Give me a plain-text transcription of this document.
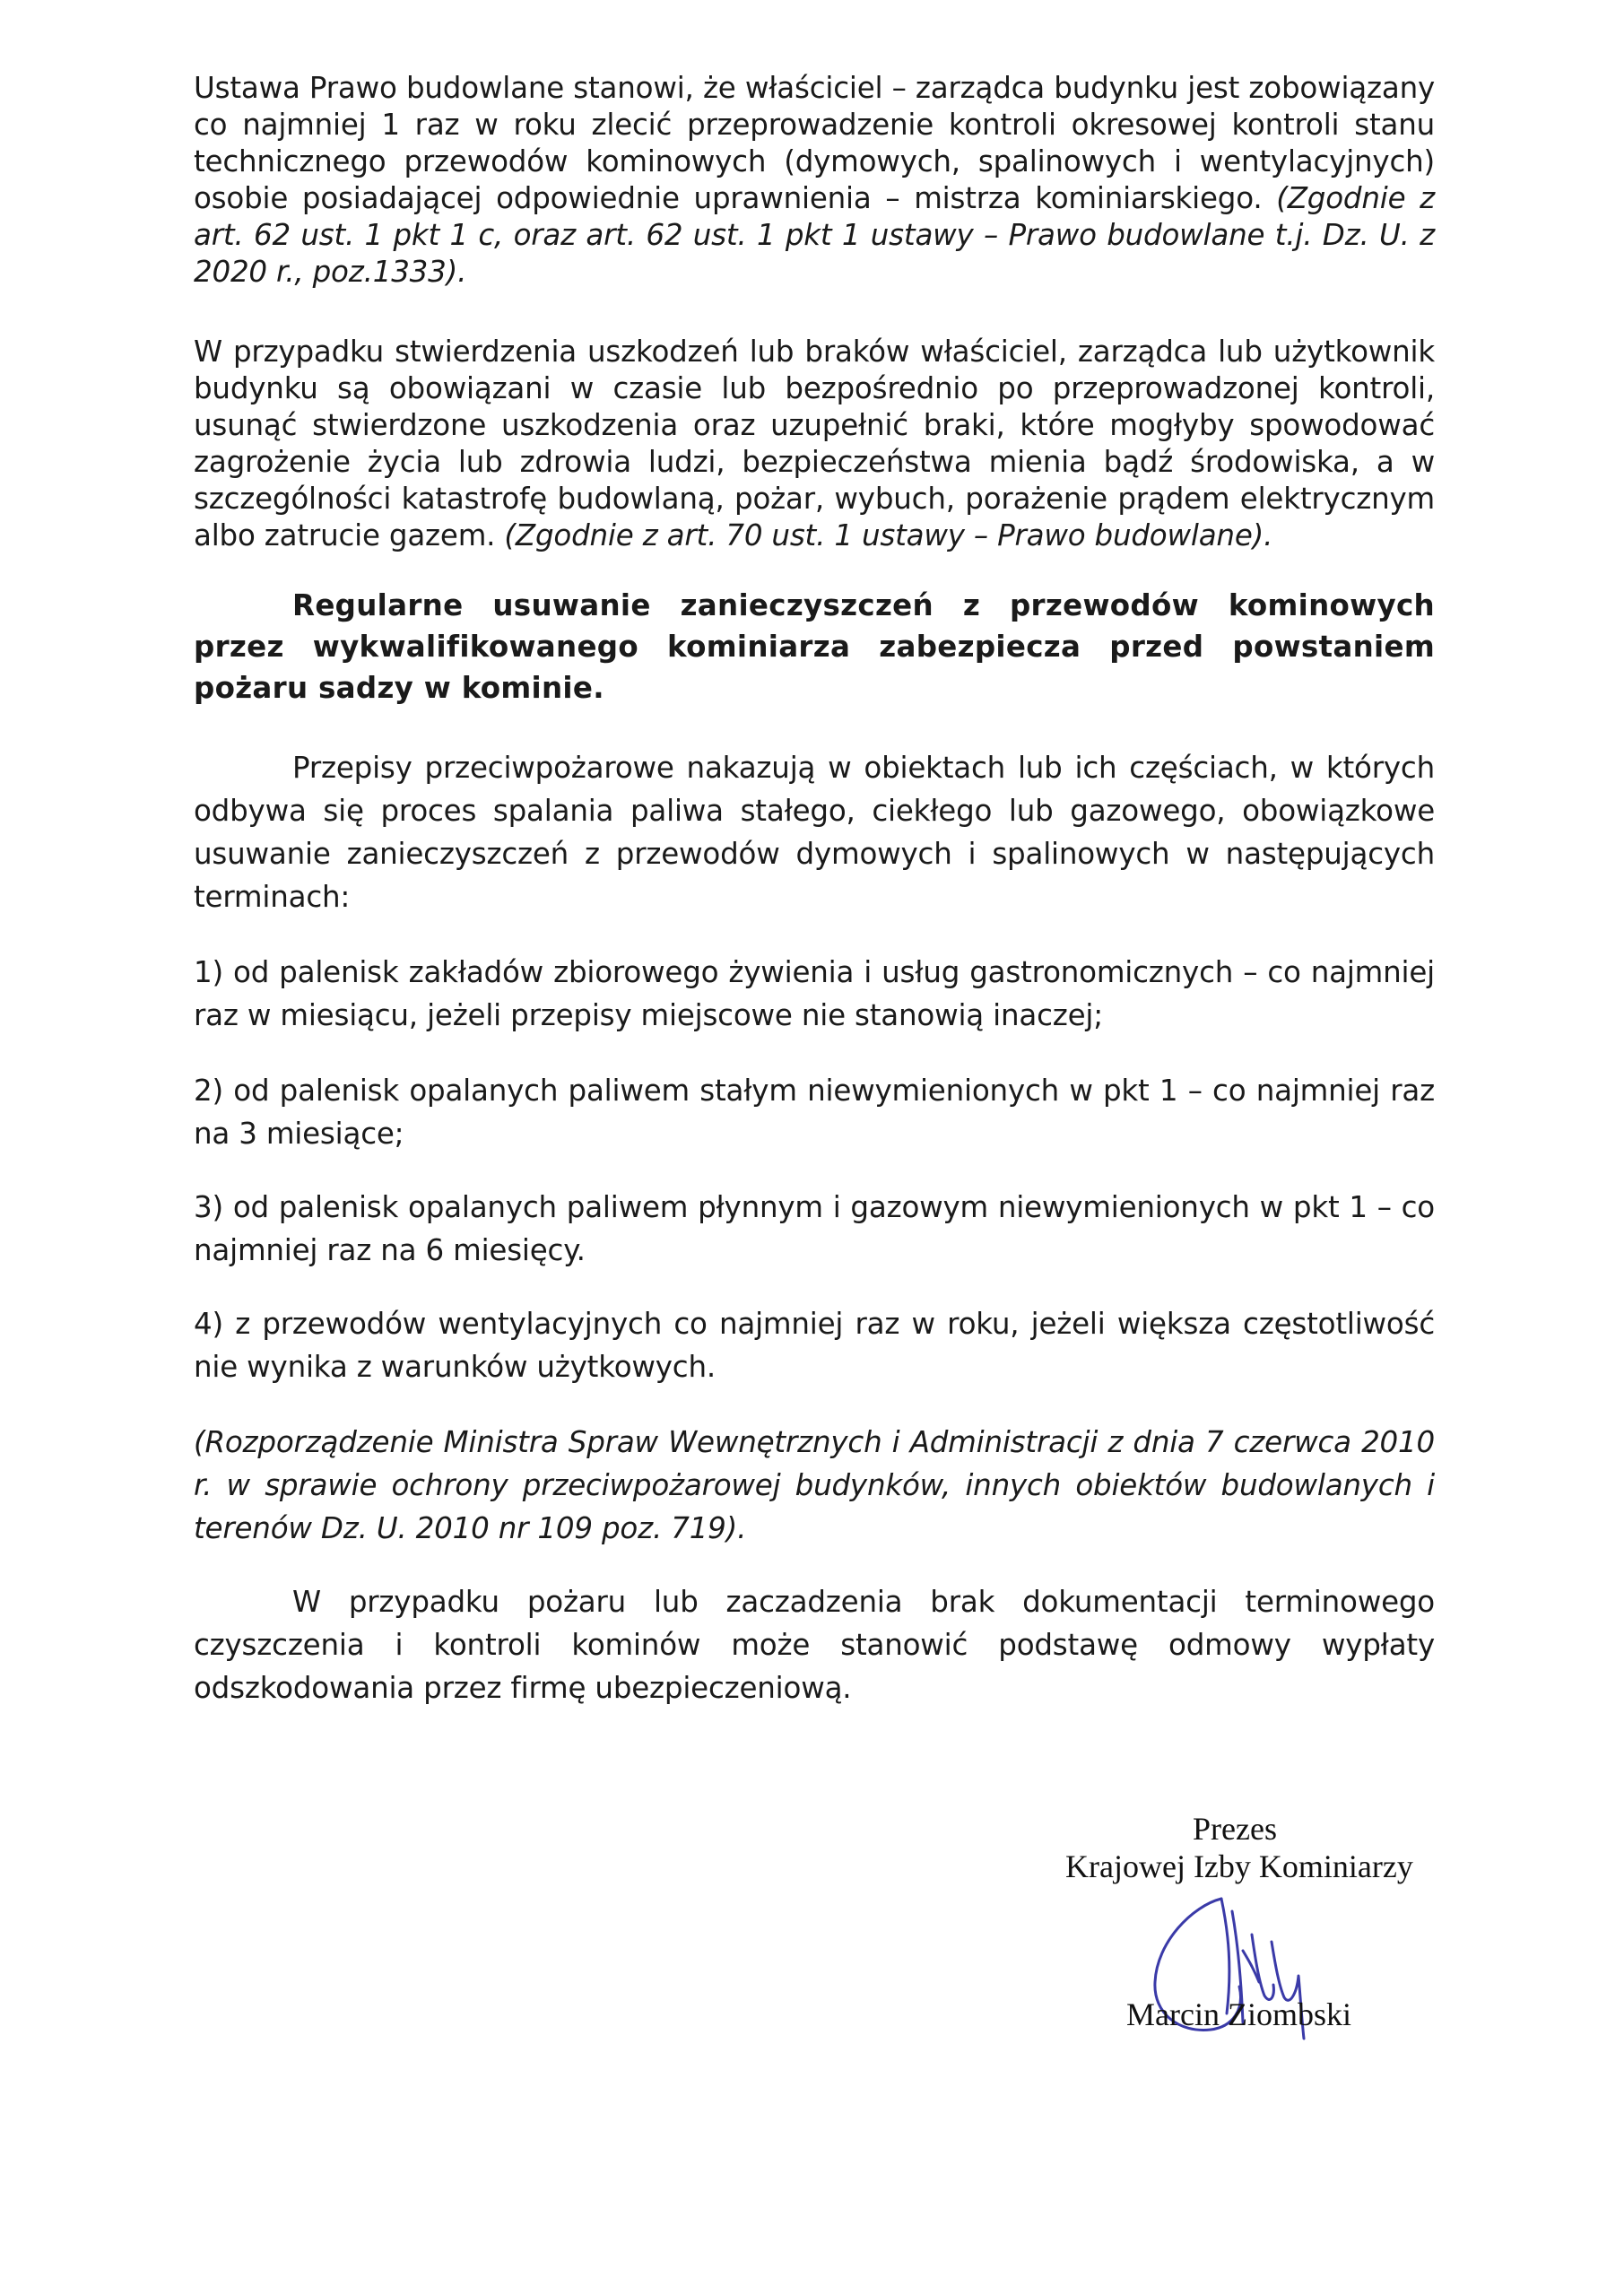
Ustawa Prawo budowlane stanowi, że właściciel – zarządca budynku jest zobowiązany co najmniej 1 raz w roku zlecić przeprowadzenie kontroli okresowej kontroli stanu technicznego przewodów kominowych (dymowych, spalinowych i wentylacyjnych) osobie posiadającej odpowiednie uprawnienia – mistrza kominiarskiego. (Zgodnie z art. 62 ust. 1 pkt 1 c, oraz art. 62 ust. 1 pkt 1 ustawy – Prawo budowlane t.j. Dz. U. z 2020 r., poz.1333).

W przypadku stwierdzenia uszkodzeń lub braków właściciel, zarządca lub użytkownik budynku są obowiązani w czasie lub bezpośrednio po przeprowadzonej kontroli, usunąć stwierdzone uszkodzenia oraz uzupełnić braki, które mogłyby spowodować zagrożenie życia lub zdrowia ludzi, bezpieczeństwa mienia bądź środowiska, a w szczególności katastrofę budowlaną, pożar, wybuch, porażenie prądem elektrycznym albo zatrucie gazem. (Zgodnie z art. 70 ust. 1 ustawy – Prawo budowlane).

Regularne usuwanie zanieczyszczeń z przewodów kominowych przez wykwalifikowanego kominiarza zabezpiecza przed powstaniem pożaru sadzy w kominie.

Przepisy przeciwpożarowe nakazują w obiektach lub ich częściach, w których odbywa się proces spalania paliwa stałego, ciekłego lub gazowego, obowiązkowe usuwanie zanieczyszczeń z przewodów dymowych i spalinowych w następujących terminach:

1) od palenisk zakładów zbiorowego żywienia i usług gastronomicznych – co najmniej raz w miesiącu, jeżeli przepisy miejscowe nie stanowią inaczej;

2) od palenisk opalanych paliwem stałym niewymienionych w pkt 1 – co najmniej raz na 3 miesiące;

3) od palenisk opalanych paliwem płynnym i gazowym niewymienionych w pkt 1 – co najmniej raz na 6 miesięcy.

4) z przewodów wentylacyjnych co najmniej raz w roku, jeżeli większa częstotliwość nie wynika z warunków użytkowych.

(Rozporządzenie Ministra Spraw Wewnętrznych i Administracji z dnia 7 czerwca 2010 r. w sprawie ochrony przeciwpożarowej budynków, innych obiektów budowlanych i terenów Dz. U. 2010 nr 109 poz. 719).

W przypadku pożaru lub zaczadzenia brak dokumentacji terminowego czyszczenia i kontroli kominów może stanowić podstawę odmowy wypłaty odszkodowania przez firmę ubezpieczeniową.

Prezes
Krajowej Izby Kominiarzy
Marcin Ziombski
